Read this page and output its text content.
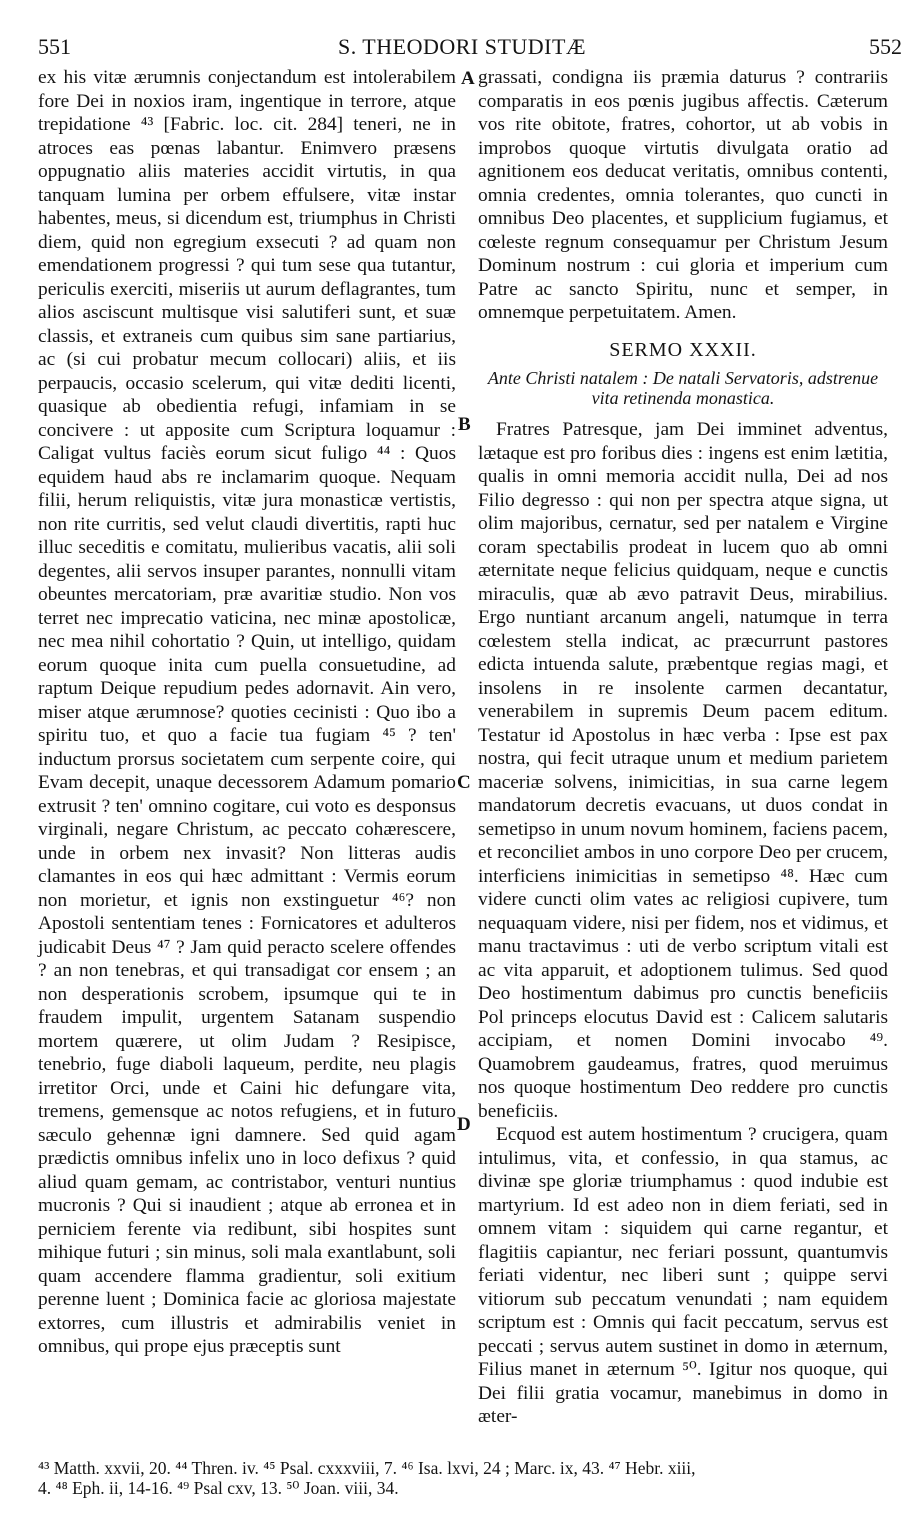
551	S. THEODORI STUDITÆ	552
A
B
C
D

ex his vitæ ærumnis conjectandum est intolerabilem fore Dei in noxios iram, ingentique in terrore, atque trepidatione ⁴³ [Fabric. loc. cit. 284] teneri, ne in atroces eas pœnas labantur. Enimvero præsens oppugnatio aliis materies accidit virtutis, in qua tanquam lumina per orbem effulsere, vitæ instar habentes, meus, si dicendum est, triumphus in Christi diem, quid non egregium exsecuti ? ad quam non emendationem progressi ? qui tum sese qua tutantur, periculis exerciti, miseriis ut aurum deflagrantes, tum alios asciscunt multisque visi salutiferi sunt, et suæ classis, et extraneis cum quibus sim sane partiarius, ac (si cui probatur mecum collocari) aliis, et iis perpaucis, occasio scelerum, qui vitæ dediti licenti, quasique ab obedientia refugi, infamiam in se concivere : ut apposite cum Scriptura loquamur : Caligat vultus faciès eorum sicut fuligo ⁴⁴ : Quos equidem haud abs re inclamarim quoque. Nequam filii, herum reliquistis, vitæ jura monasticæ vertistis, non rite curritis, sed velut claudi divertitis, rapti huc illuc seceditis e comitatu, mulieribus vacatis, alii soli degentes, alii servos insuper parantes, nonnulli vitam obeuntes mercatoriam, præ avaritiæ studio. Non vos terret nec imprecatio vaticina, nec minæ apostolicæ, nec mea nihil cohortatio ? Quin, ut intelligo, quidam eorum quoque inita cum puella consuetudine, ad raptum Deique repudium pedes adornavit. Ain vero, miser atque ærumnose? quoties cecinisti : Quo ibo a spiritu tuo, et quo a facie tua fugiam ⁴⁵ ? ten' inductum prorsus societatem cum serpente coire, qui Evam decepit, unaque decessorem Adamum pomario extrusit ? ten' omnino cogitare, cui voto es desponsus virginali, negare Christum, ac peccato cohærescere, unde in orbem nex invasit? Non litteras audis clamantes in eos qui hæc admittant : Vermis eorum non morietur, et ignis non exstinguetur ⁴⁶? non Apostoli sententiam tenes : Fornicatores et adulteros judicabit Deus ⁴⁷ ? Jam quid peracto scelere offendes ? an non tenebras, et qui transadigat cor ensem ; an non desperationis scrobem, ipsumque qui te in fraudem impulit, urgentem Satanam suspendio mortem quærere, ut olim Judam ? Resipisce, tenebrio, fuge diaboli laqueum, perdite, neu plagis irretitor Orci, unde et Caini hic defungare vita, tremens, gemensque ac notos refugiens, et in futuro sæculo gehennæ igni damnere. Sed quid agam prædictis omnibus infelix uno in loco defixus ? quid aliud quam gemam, ac contristabor, venturi nuntius mucronis ? Qui si inaudient ; atque ab erronea et in perniciem ferente via redibunt, sibi hospites sunt mihique futuri ; sin minus, soli mala exantlabunt, soli quam accendere flamma gradientur, soli exitium perenne luent ; Dominica facie ac gloriosa majestate extorres, cum illustris et admirabilis veniet in omnibus, qui prope ejus præceptis sunt

grassati, condigna iis præmia daturus ? contrariis comparatis in eos pœnis jugibus affectis. Cæterum vos rite obitote, fratres, cohortor, ut ab vobis in improbos quoque virtutis divulgata oratio ad agnitionem eos deducat veritatis, omnibus contenti, omnia credentes, omnia tolerantes, quo cuncti in omnibus Deo placentes, et supplicium fugiamus, et cœleste regnum consequamur per Christum Jesum Dominum nostrum : cui gloria et imperium cum Patre ac sancto Spiritu, nunc et semper, in omnemque perpetuitatem. Amen.

SERMO XXXII.
Ante Christi natalem : De natali Servatoris, adstrenue vita retinenda monastica.

Fratres Patresque, jam Dei imminet adventus, lætaque est pro foribus dies : ingens est enim lætitia, qualis in omni memoria accidit nulla, Dei ad nos Filio degresso : qui non per spectra atque signa, ut olim majoribus, cernatur, sed per natalem e Virgine coram spectabilis prodeat in lucem quo ab omni æternitate neque felicius quidquam, neque e cunctis miraculis, quæ ab ævo patravit Deus, mirabilius. Ergo nuntiant arcanum angeli, natumque in terra cœlestem stella indicat, ac præcurrunt pastores edicta intuenda salute, præbentque regias magi, et insolens in re insolente carmen decantatur, venerabilem in supremis Deum pacem editum. Testatur id Apostolus in hæc verba : Ipse est pax nostra, qui fecit utraque unum et medium parietem maceriæ solvens, inimicitias, in sua carne legem mandatorum decretis evacuans, ut duos condat in semetipso in unum novum hominem, faciens pacem, et reconciliet ambos in uno corpore Deo per crucem, interficiens inimicitias in semetipso ⁴⁸. Hæc cum videre cuncti olim vates ac religiosi cupivere, tum nequaquam videre, nisi per fidem, nos et vidimus, et manu tractavimus : uti de verbo scriptum vitali est ac vita apparuit, et adoptionem tulimus. Sed quod Deo hostimentum dabimus pro cunctis beneficiis Pol princeps elocutus David est : Calicem salutaris accipiam, et nomen Domini invocabo ⁴⁹. Quamobrem gaudeamus, fratres, quod meruimus nos quoque hostimentum Deo reddere pro cunctis beneficiis.

Ecquod est autem hostimentum ? crucigera, quam intulimus, vita, et confessio, in qua stamus, ac divinæ spe gloriæ triumphamus : quod indubie est martyrium. Id est adeo non in diem feriati, sed in omnem vitam : siquidem qui carne regantur, et flagitiis capiantur, nec feriari possunt, quantumvis feriati videntur, nec liberi sunt ; quippe servi vitiorum sub peccatum venundati ; nam equidem scriptum est : Omnis qui facit peccatum, servus est peccati ; servus autem sustinet in domo in æternum, Filius manet in æternum ⁵⁰. Igitur nos quoque, qui Dei filii gratia vocamur, manebimus in domo in æter-

⁴³ Matth. xxvii, 20. ⁴⁴ Thren. iv. ⁴⁵ Psal. cxxxviii, 7. ⁴⁶ Isa. lxvi, 24 ; Marc. ix, 43. ⁴⁷ Hebr. xiii,

4. ⁴⁸ Eph. ii, 14-16. ⁴⁹ Psal cxv, 13. ⁵⁰ Joan. viii, 34.
